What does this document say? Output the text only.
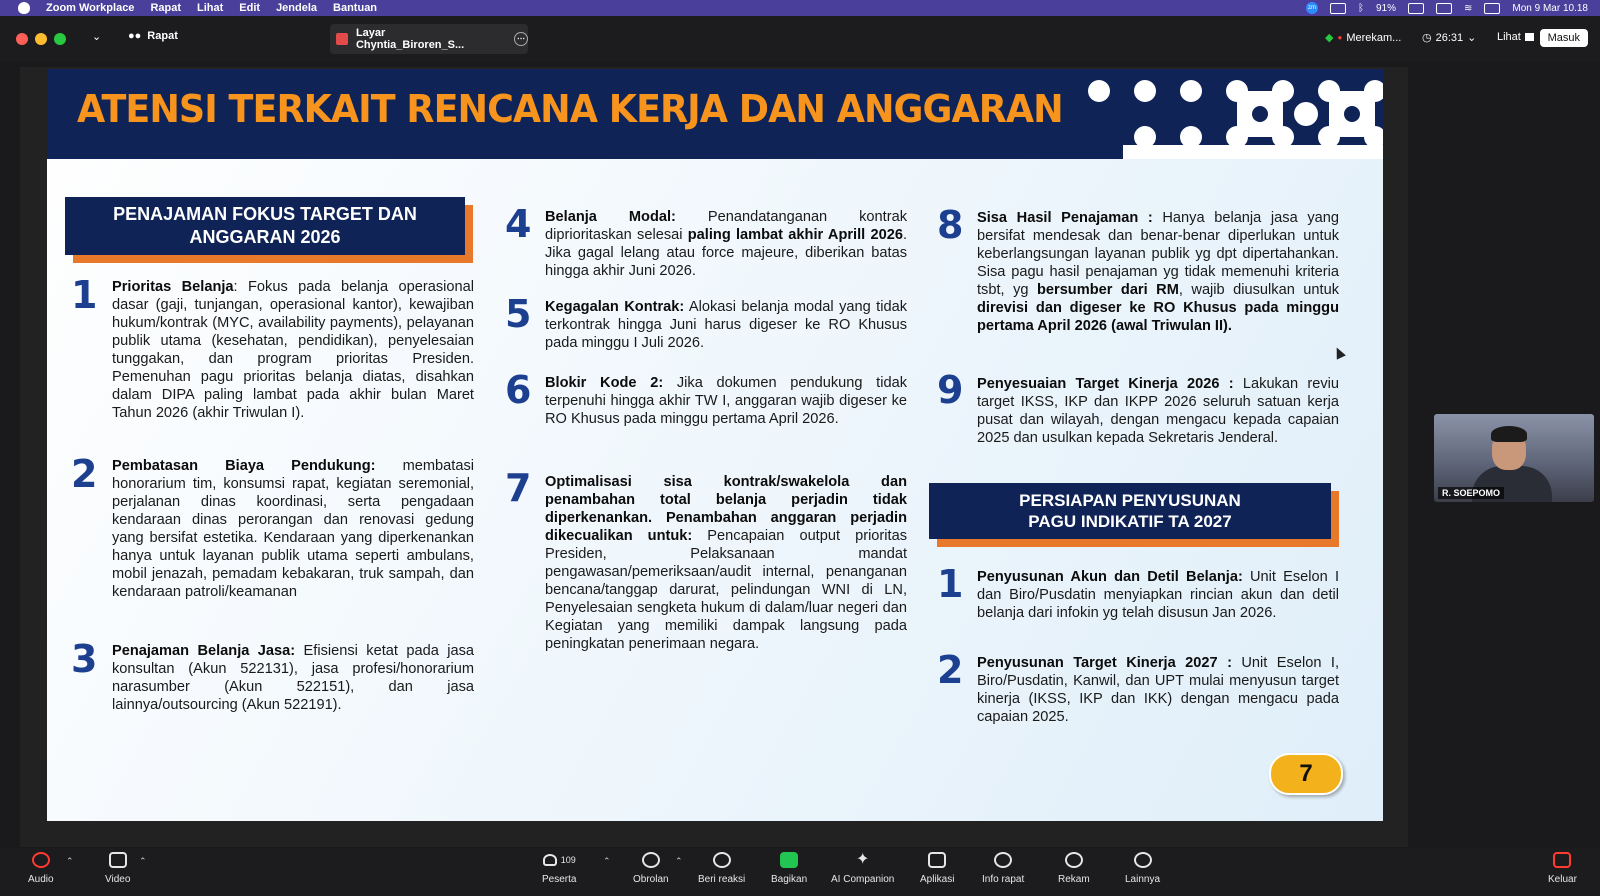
Zoom Workplace Rapat Lihat Edit Jendela Bantuan	zm	ᛒ 91%	≋	Mon 9 Mar 10.18
⌄ ●● Rapat	Layar Chyntia_Biroren_S...
⋯	◆ ● Merekam... ◷ 26:31 ⌄ Lihat	Masuk
ATENSI TERKAIT RENCANA KERJA DAN ANGGARAN
PENAJAMAN FOKUS TARGET DAN
ANGGARAN 2026
1 Prioritas Belanja: Fokus pada belanja operasional dasar (gaji, tunjangan, operasional kantor), kewajiban hukum/kontrak (MYC, availability payments), pelayanan publik utama (kesehatan, pendidikan), penyelesaian tunggakan, dan program prioritas Presiden. Pemenuhan pagu prioritas belanja diatas, disahkan dalam DIPA paling lambat pada akhir bulan Maret Tahun 2026 (akhir Triwulan I).
2 Pembatasan Biaya Pendukung: membatasi honorarium tim, konsumsi rapat, kegiatan seremonial, perjalanan dinas koordinasi, serta pengadaan kendaraan dinas perorangan dan renovasi gedung yang bersifat estetika. Kendaraan yang diperkenankan hanya untuk layanan publik utama seperti ambulans, mobil jenazah, pemadam kebakaran, truk sampah, dan kendaraan patroli/keamanan
3 Penajaman Belanja Jasa: Efisiensi ketat pada jasa konsultan (Akun 522131), jasa profesi/honorarium narasumber (Akun 522151), dan jasa lainnya/outsourcing (Akun 522191).
4 Belanja Modal: Penandatanganan kontrak diprioritaskan selesai paling lambat akhir Aprill 2026. Jika gagal lelang atau force majeure, diberikan batas hingga akhir Juni 2026.
5 Kegagalan Kontrak: Alokasi belanja modal yang tidak terkontrak hingga Juni harus digeser ke RO Khusus pada minggu I Juli 2026.
6 Blokir Kode 2: Jika dokumen pendukung tidak terpenuhi hingga akhir TW I, anggaran wajib digeser ke RO Khusus pada minggu pertama April 2026.
7 Optimalisasi sisa kontrak/swakelola dan penambahan total belanja perjadin tidak diperkenankan. Penambahan anggaran perjadin dikecualikan untuk: Pencapaian output prioritas Presiden, Pelaksanaan mandat pengawasan/pemeriksaan/audit internal, penanganan bencana/tanggap darurat, pelindungan WNI di LN, Penyelesaian sengketa hukum di dalam/luar negeri dan Kegiatan yang memiliki dampak langsung pada peningkatan penerimaan negara.
8 Sisa Hasil Penajaman : Hanya belanja jasa yang bersifat mendesak dan benar-benar diperlukan untuk keberlangsungan layanan publik yg dpt dipertahankan. Sisa pagu hasil penajaman yg tidak memenuhi kriteria tsbt, yg bersumber dari RM, wajib diusulkan untuk direvisi dan digeser ke RO Khusus pada minggu pertama April 2026 (awal Triwulan II).
9 Penyesuaian Target Kinerja 2026 : Lakukan reviu target IKSS, IKP dan IKPP 2026 seluruh satuan kerja pusat dan wilayah, dengan mengacu kepada capaian 2025 dan usulkan kepada Sekretaris Jenderal.
PERSIAPAN PENYUSUNAN
PAGU INDIKATIF TA 2027
1 Penyusunan Akun dan Detil Belanja: Unit Eselon I dan Biro/Pusdatin menyiapkan rincian akun dan detil belanja dari infokin yg telah disusun Jan 2026.
2 Penyusunan Target Kinerja 2027 : Unit Eselon I, Biro/Pusdatin, Kanwil, dan UPT mulai menyusun target kinerja (IKSS, IKP dan IKK) dengan mengacu pada capaian 2025.
7
R. SOEPOMO
Audio
⌃
Video
⌃	109
Peserta
⌃
Obrolan
⌃
Beri reaksi	Bagikan
✦
AI Companion	Aplikasi	Info rapat	Rekam	Lainnya	Keluar
